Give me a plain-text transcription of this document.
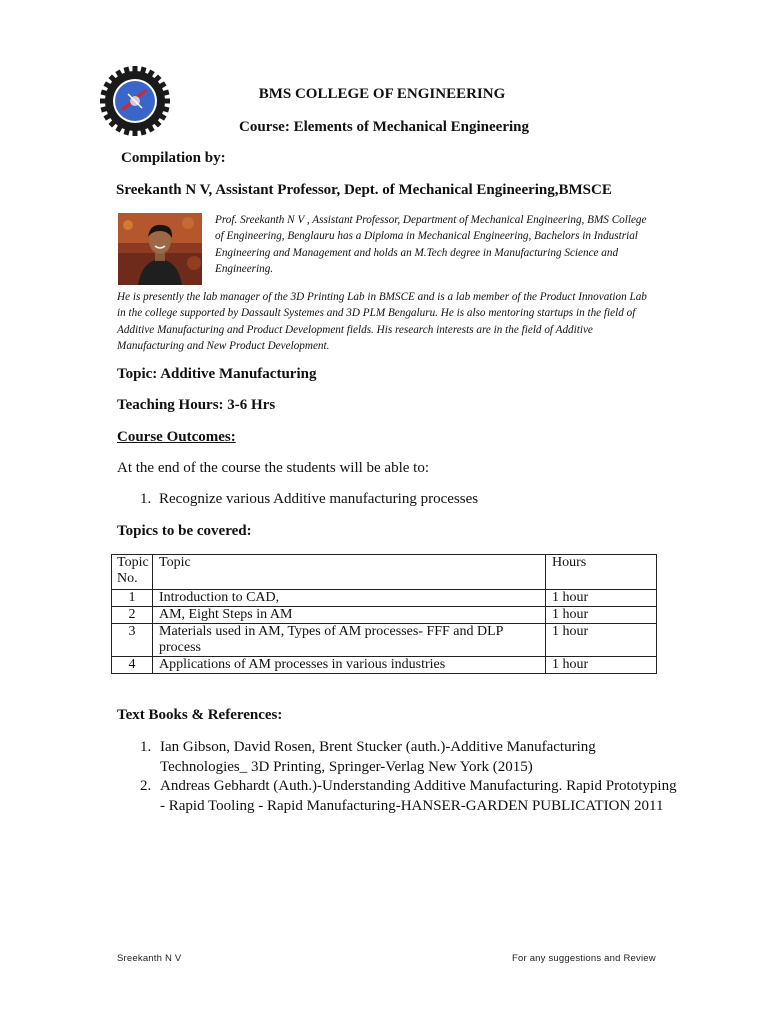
BMS COLLEGE OF ENGINEERING
Course: Elements of Mechanical Engineering
Compilation by:
Sreekanth N V, Assistant Professor, Dept. of Mechanical Engineering,BMSCE
Prof. Sreekanth N V , Assistant Professor, Department of Mechanical Engineering, BMS College of Engineering, Benglauru has a Diploma in Mechanical Engineering, Bachelors in Industrial Engineering and Management and holds an M.Tech degree in Manufacturing Science and Engineering.
He is presently the lab manager of the 3D Printing Lab in BMSCE and is a lab member of the Product Innovation Lab in the college supported by Dassault Systemes and 3D PLM Bengaluru. He is also mentoring startups in the field of Additive Manufacturing and Product Development fields. His research interests are in the field of Additive Manufacturing and New Product Development.
Topic: Additive Manufacturing
Teaching Hours: 3-6 Hrs
Course Outcomes:
At the end of the course the students will be able to:
1. Recognize various Additive manufacturing processes
Topics to be covered:
Topic No.	Topic	Hours
1	Introduction to CAD,	1 hour
2	AM, Eight Steps in AM	1 hour
3	Materials used in AM, Types of AM processes- FFF and DLP process	1 hour
4	Applications of AM processes in various industries	1 hour
Text Books & References:
1. Ian Gibson, David Rosen, Brent Stucker (auth.)-Additive Manufacturing Technologies_ 3D Printing, Springer-Verlag New York (2015)
2. Andreas Gebhardt (Auth.)-Understanding Additive Manufacturing. Rapid Prototyping - Rapid Tooling - Rapid Manufacturing-HANSER-GARDEN PUBLICATION 2011
Sreekanth N V	For any suggestions and Review
